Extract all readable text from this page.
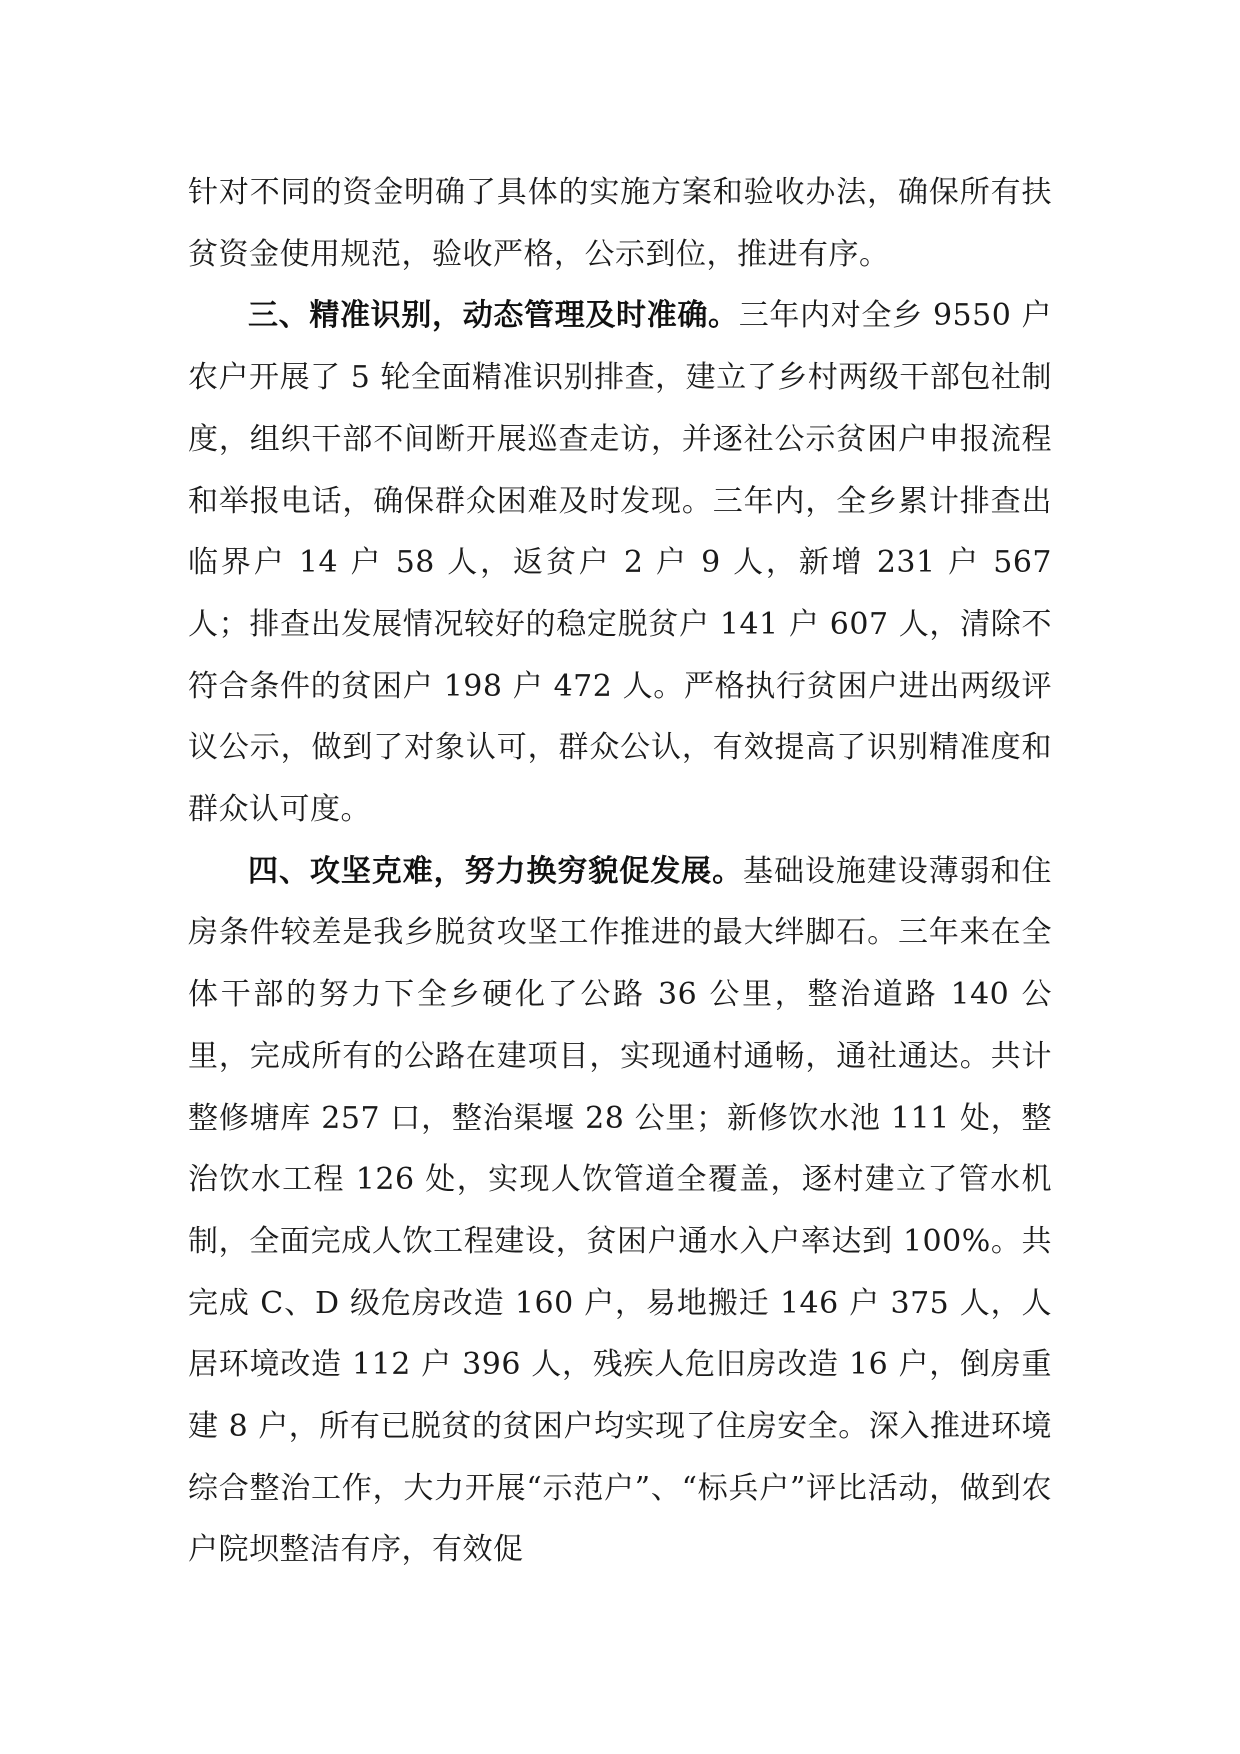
针对不同的资金明确了具体的实施方案和验收办法，确保所有扶贫资金使用规范，验收严格，公示到位，推进有序。

三、精准识别，动态管理及时准确。三年内对全乡 9550 户农户开展了 5 轮全面精准识别排查，建立了乡村两级干部包社制度，组织干部不间断开展巡查走访，并逐社公示贫困户申报流程和举报电话，确保群众困难及时发现。三年内，全乡累计排查出临界户 14 户 58 人，返贫户 2 户 9 人，新增 231 户 567 人；排查出发展情况较好的稳定脱贫户 141 户 607 人，清除不符合条件的贫困户 198 户 472 人。严格执行贫困户进出两级评议公示，做到了对象认可，群众公认，有效提高了识别精准度和群众认可度。

四、攻坚克难，努力换穷貌促发展。基础设施建设薄弱和住房条件较差是我乡脱贫攻坚工作推进的最大绊脚石。三年来在全体干部的努力下全乡硬化了公路 36 公里，整治道路 140 公里，完成所有的公路在建项目，实现通村通畅，通社通达。共计整修塘库 257 口，整治渠堰 28 公里；新修饮水池 111 处，整治饮水工程 126 处，实现人饮管道全覆盖，逐村建立了管水机制，全面完成人饮工程建设，贫困户通水入户率达到 100%。共完成 C、D 级危房改造 160 户，易地搬迁 146 户 375 人，人居环境改造 112 户 396 人，残疾人危旧房改造 16 户，倒房重建 8 户，所有已脱贫的贫困户均实现了住房安全。深入推进环境综合整治工作，大力开展“示范户”、“标兵户”评比活动，做到农户院坝整洁有序，有效促
